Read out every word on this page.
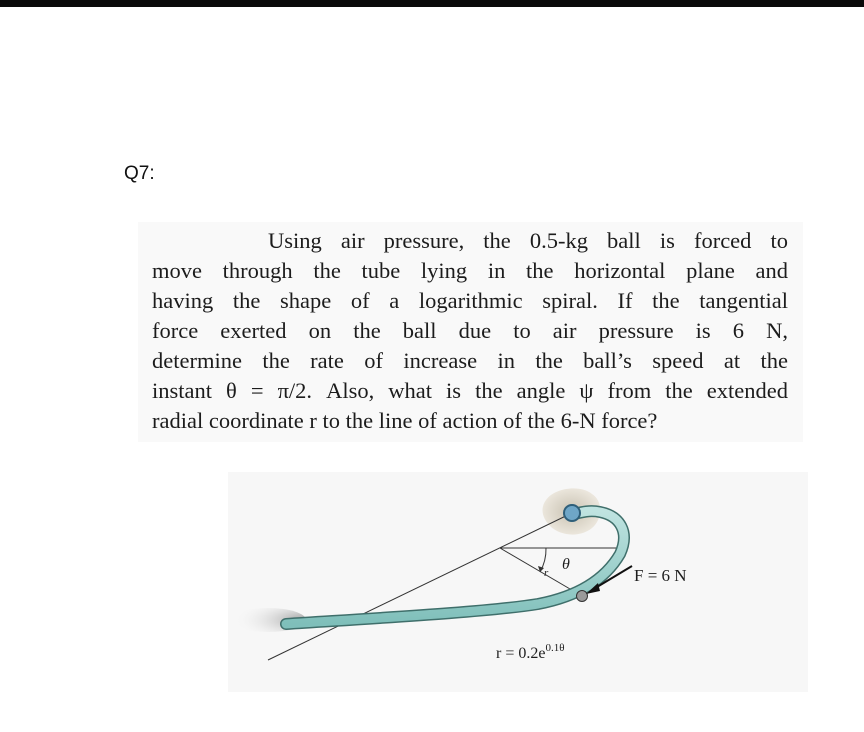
Q7:
Using air pressure, the 0.5-kg ball is forced to
move through the tube lying in the horizontal plane and
having the shape of a logarithmic spiral. If the tangential
force exerted on the ball due to air pressure is 6 N,
determine the rate of increase in the ball’s speed at the
instant θ = π/2. Also, what is the angle ψ from the extended
radial coordinate r to the line of action of the 6-N force?
θ
r	F = 6 N
$r = 0.2e^{0.1\theta}$
